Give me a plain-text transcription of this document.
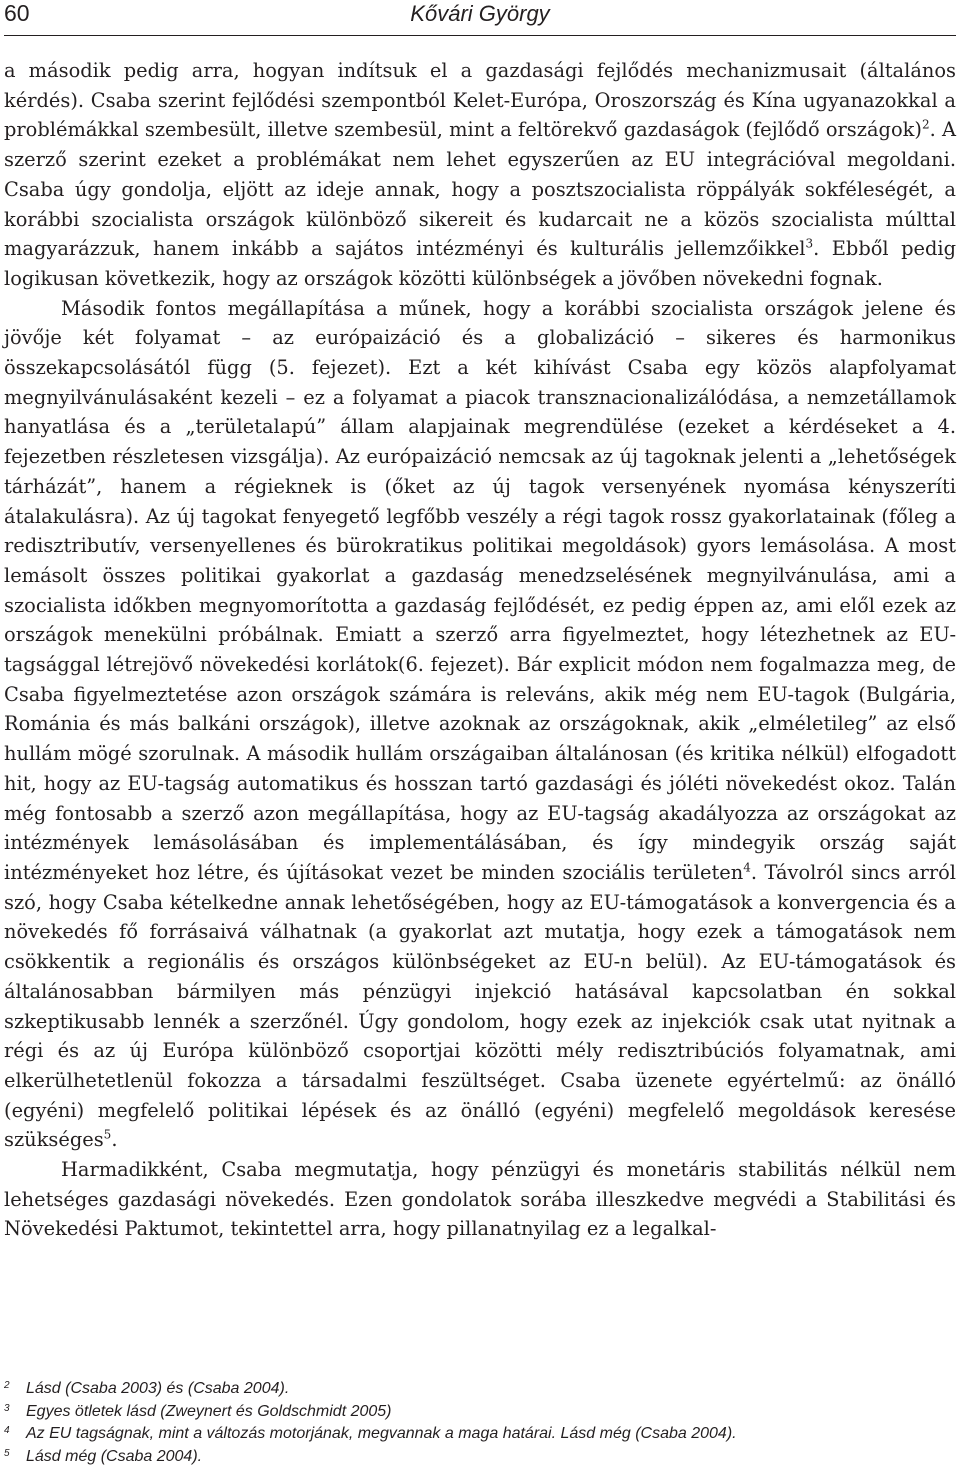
60	Kővári György

a második pedig arra, hogyan indítsuk el a gazdasági fejlődés mechanizmusait (általános kérdés). Csaba szerint fejlődési szempontból Kelet-Európa, Oroszország és Kína ugyanazokkal a problémákkal szembesült, illetve szembesül, mint a feltörekvő gazdaságok (fejlődő országok)$^2$. A szerző szerint ezeket a problémákat nem lehet egyszerűen az EU integrációval megoldani. Csaba úgy gondolja, eljött az ideje annak, hogy a posztszocialista röppályák sokféleségét, a korábbi szocialista országok különböző sikereit és kudarcait ne a közös szocialista múlttal magyarázzuk, hanem inkább a sajátos intézményi és kulturális jellemzőikkel$^3$. Ebből pedig logikusan következik, hogy az országok közötti különbségek a jövőben növekedni fognak.

Második fontos megállapítása a műnek, hogy a korábbi szocialista országok jelene és jövője két folyamat – az európaizáció és a globalizáció – sikeres és harmonikus összekapcsolásától függ (5. fejezet). Ezt a két kihívást Csaba egy közös alapfolyamat megnyilvánulásaként kezeli – ez a folyamat a piacok transznacionalizálódása, a nemzetállamok hanyatlása és a „területalapú” állam alapjainak megrendülése (ezeket a kérdéseket a 4. fejezetben részletesen vizsgálja). Az európaizáció nemcsak az új tagoknak jelenti a „lehetőségek tárházát”, hanem a régieknek is (őket az új tagok versenyének nyomása kényszeríti átalakulásra). Az új tagokat fenyegető legfőbb veszély a régi tagok rossz gyakorlatainak (főleg a redisztributív, versenyellenes és bürokratikus politikai megoldások) gyors lemásolása. A most lemásolt összes politikai gyakorlat a gazdaság menedzselésének megnyilvánulása, ami a szocialista időkben megnyomorította a gazdaság fejlődését, ez pedig éppen az, ami elől ezek az országok menekülni próbálnak. Emiatt a szerző arra figyelmeztet, hogy létezhetnek az EU-tagsággal létrejövő növekedési korlátok(6. fejezet). Bár explicit módon nem fogalmazza meg, de Csaba figyelmeztetése azon országok számára is releváns, akik még nem EU-tagok (Bulgária, Románia és más balkáni országok), illetve azoknak az országoknak, akik „elméletileg” az első hullám mögé szorulnak. A második hullám országaiban általánosan (és kritika nélkül) elfogadott hit, hogy az EU-tagság automatikus és hosszan tartó gazdasági és jóléti növekedést okoz. Talán még fontosabb a szerző azon megállapítása, hogy az EU-tagság akadályozza az országokat az intézmények lemásolásában és implementálásában, és így mindegyik ország saját intézményeket hoz létre, és újításokat vezet be minden szociális területen$^4$. Távolról sincs arról szó, hogy Csaba kételkedne annak lehetőségében, hogy az EU-támogatások a konvergencia és a növekedés fő forrásaivá válhatnak (a gyakorlat azt mutatja, hogy ezek a támogatások nem csökkentik a regionális és országos különbségeket az EU-n belül). Az EU-támogatások és általánosabban bármilyen más pénzügyi injekció hatásával kapcsolatban én sokkal szkeptikusabb lennék a szerzőnél. Úgy gondolom, hogy ezek az injekciók csak utat nyitnak a régi és az új Európa különböző csoportjai közötti mély redisztribúciós folyamatnak, ami elkerülhetetlenül fokozza a társadalmi feszültséget. Csaba üzenete egyértelmű: az önálló (egyéni) megfelelő politikai lépések és az önálló (egyéni) megfelelő megoldások keresése szükséges$^5$.

Harmadikként, Csaba megmutatja, hogy pénzügyi és monetáris stabilitás nélkül nem lehetséges gazdasági növekedés. Ezen gondolatok sorába illeszkedve megvédi a Stabilitási és Növekedési Paktumot, tekintettel arra, hogy pillanatnyilag ez a legalkal-

2 Lásd (Csaba 2003) és (Csaba 2004).
3 Egyes ötletek lásd (Zweynert és Goldschmidt 2005)
4 Az EU tagságnak, mint a változás motorjának, megvannak a maga határai. Lásd még (Csaba 2004).
5 Lásd még (Csaba 2004).
